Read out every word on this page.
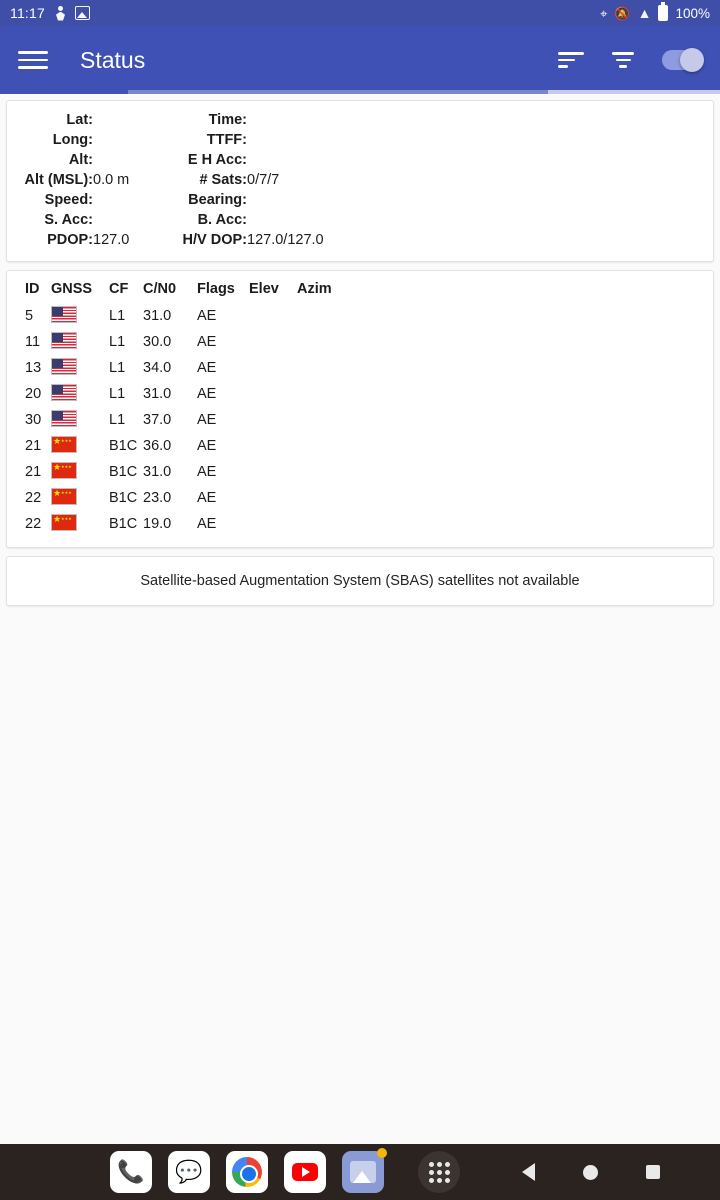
11:17	⌖ 🔕 ▲ 100%
Status
Lat:		Time:	
Long:		TTFF:	
Alt:		E H Acc:	
Alt (MSL):	0.0 m	# Sats:	0/7/7
Speed:		Bearing:	
S. Acc:		B. Acc:	
PDOP:	127.0	H/V DOP:	127.0/127.0
ID	GNSS	CF	C/N0	Flags	Elev	Azim
5		L1	31.0	AE		
11		L1	30.0	AE		
13		L1	34.0	AE		
20		L1	31.0	AE		
30		L1	37.0	AE		
21	★ ★★★	B1C	36.0	AE		
21	★ ★★★	B1C	31.0	AE		
22	★ ★★★	B1C	23.0	AE		
22	★ ★★★	B1C	19.0	AE		
Satellite-based Augmentation System (SBAS) satellites not available
📞	💬
